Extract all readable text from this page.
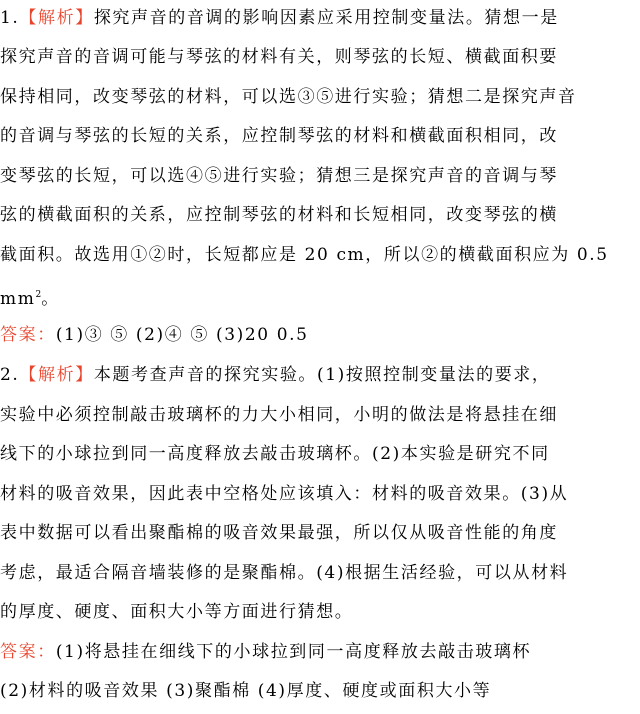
1.【解析】探究声音的音调的影响因素应采用控制变量法。猜想一是
探究声音的音调可能与琴弦的材料有关，则琴弦的长短、横截面积要
保持相同，改变琴弦的材料，可以选③⑤进行实验；猜想二是探究声音
的音调与琴弦的长短的关系，应控制琴弦的材料和横截面积相同，改
变琴弦的长短，可以选④⑤进行实验；猜想三是探究声音的音调与琴
弦的横截面积的关系，应控制琴弦的材料和长短相同，改变琴弦的横
截面积。故选用①②时，长短都应是 20 cm，所以②的横截面积应为 0.5
$mm^2$。
答案：(1)③ ⑤ (2)④ ⑤ (3)20 0.5
2.【解析】本题考查声音的探究实验。(1)按照控制变量法的要求，
实验中必须控制敲击玻璃杯的力大小相同，小明的做法是将悬挂在细
线下的小球拉到同一高度释放去敲击玻璃杯。(2)本实验是研究不同
材料的吸音效果，因此表中空格处应该填入：材料的吸音效果。(3)从
表中数据可以看出聚酯棉的吸音效果最强，所以仅从吸音性能的角度
考虑，最适合隔音墙装修的是聚酯棉。(4)根据生活经验，可以从材料
的厚度、硬度、面积大小等方面进行猜想。
答案：(1)将悬挂在细线下的小球拉到同一高度释放去敲击玻璃杯
(2)材料的吸音效果 (3)聚酯棉 (4)厚度、硬度或面积大小等
